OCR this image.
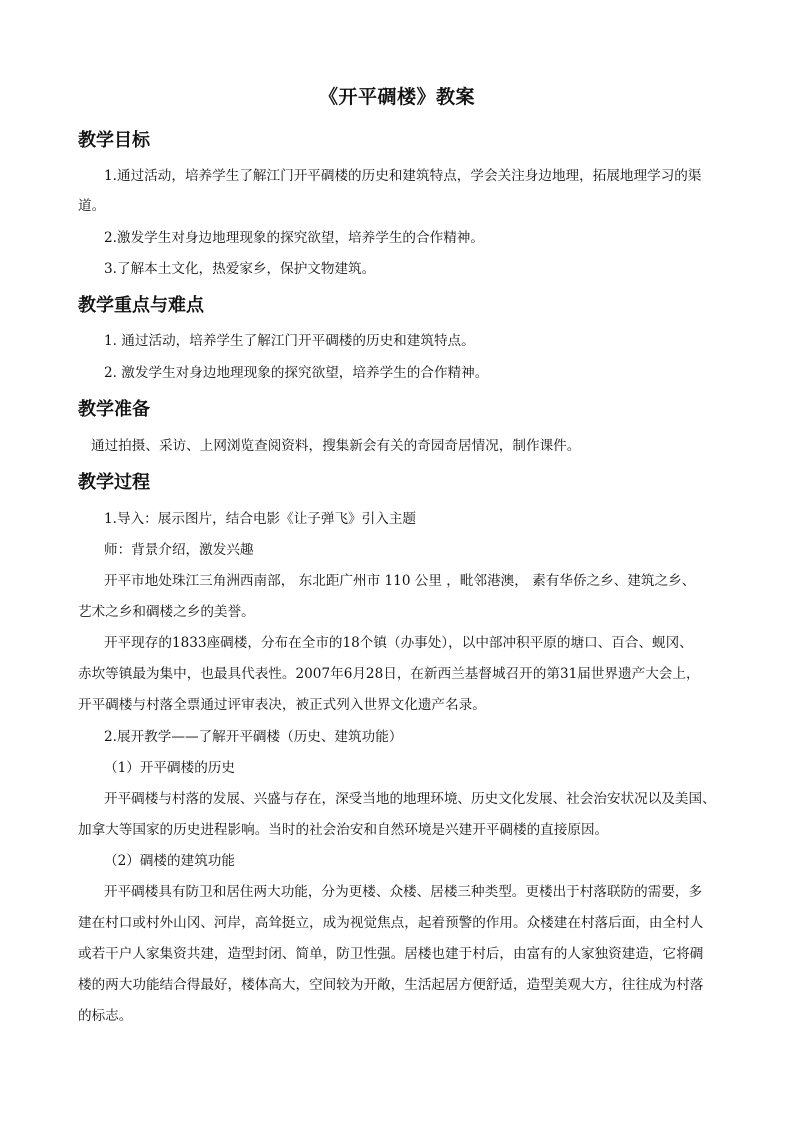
《开平碉楼》教案
教学目标
1.通过活动，培养学生了解江门开平碉楼的历史和建筑特点，学会关注身边地理，拓展地理学习的渠
道。
2.激发学生对身边地理现象的探究欲望，培养学生的合作精神。
3.了解本土文化，热爱家乡，保护文物建筑。
教学重点与难点
1. 通过活动，培养学生了解江门开平碉楼的历史和建筑特点。
2. 激发学生对身边地理现象的探究欲望，培养学生的合作精神。
教学准备
通过拍摄、采访、上网浏览查阅资料，搜集新会有关的奇园奇居情况，制作课件。
教学过程
1.导入：展示图片，结合电影《让子弹飞》引入主题
师：背景介绍，激发兴趣
开平市地处珠江三角洲西南部， 东北距广州市 110 公里 ，毗邻港澳， 素有华侨之乡、建筑之乡、
艺术之乡和碉楼之乡的美誉。
开平现存的1833座碉楼，分布在全市的18个镇（办事处），以中部冲积平原的塘口、百合、蚬冈、
赤坎等镇最为集中，也最具代表性。2007年6月28日，在新西兰基督城召开的第31届世界遗产大会上，
开平碉楼与村落全票通过评审表决，被正式列入世界文化遗产名录。
2.展开教学——了解开平碉楼（历史、建筑功能）
（1）开平碉楼的历史
开平碉楼与村落的发展、兴盛与存在，深受当地的地理环境、历史文化发展、社会治安状况以及美国、
加拿大等国家的历史进程影响。当时的社会治安和自然环境是兴建开平碉楼的直接原因。
（2）碉楼的建筑功能
开平碉楼具有防卫和居住两大功能，分为更楼、众楼、居楼三种类型。更楼出于村落联防的需要，多
建在村口或村外山冈、河岸，高耸挺立，成为视觉焦点，起着预警的作用。众楼建在村落后面，由全村人
或若干户人家集资共建，造型封闭、简单，防卫性强。居楼也建于村后，由富有的人家独资建造，它将碉
楼的两大功能结合得最好，楼体高大，空间较为开敞，生活起居方便舒适，造型美观大方，往往成为村落
的标志。
